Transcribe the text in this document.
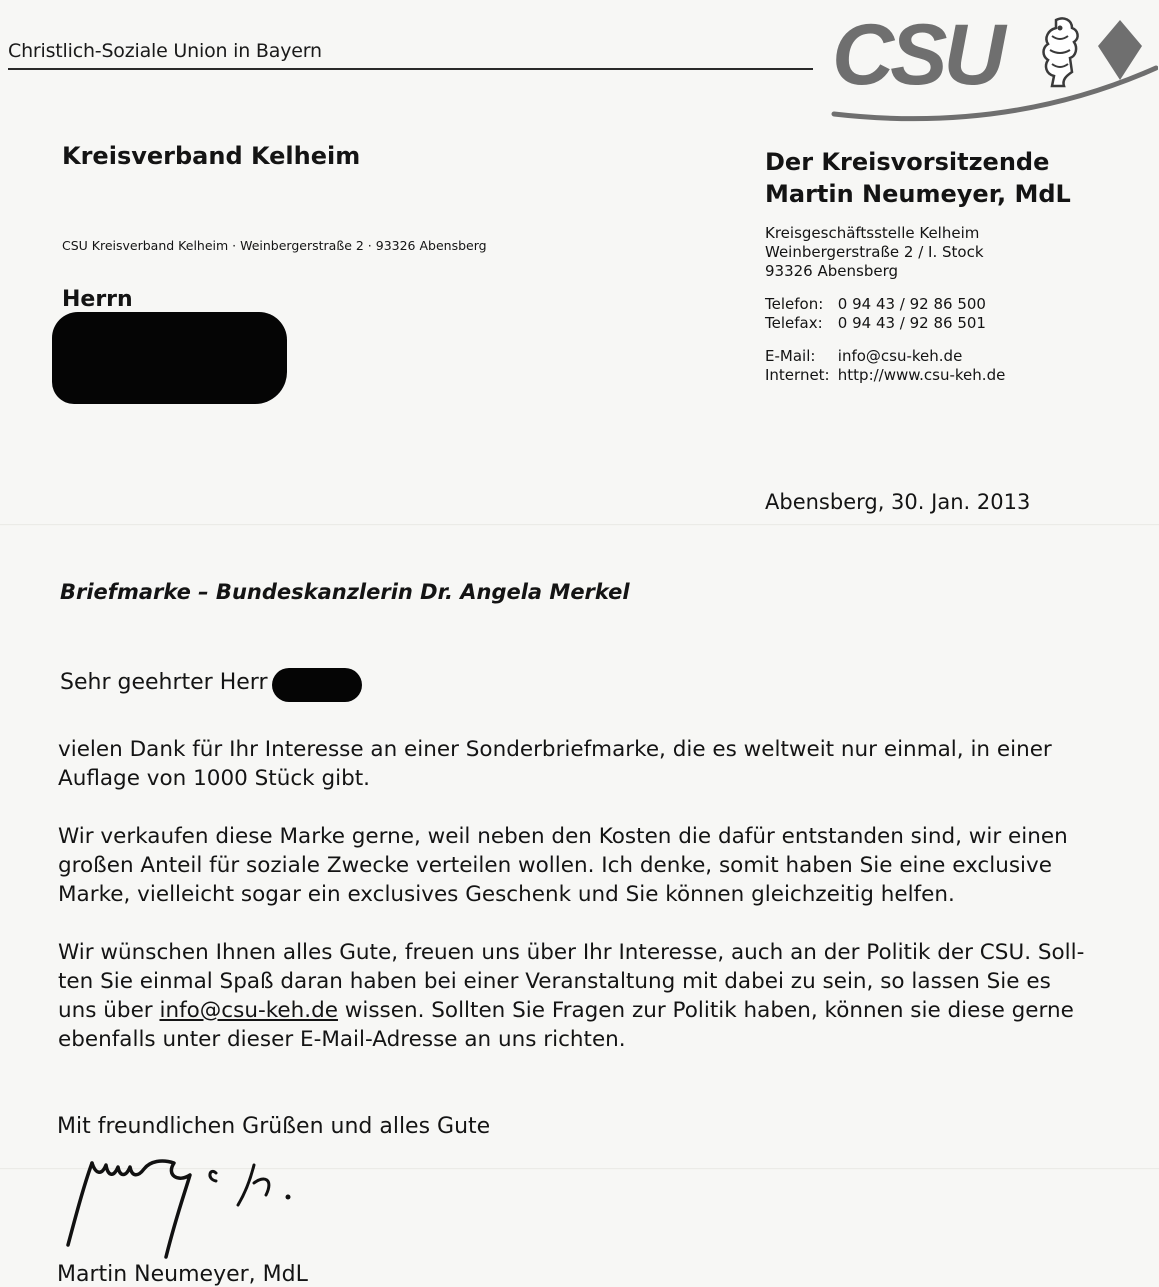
Christlich-Soziale Union in Bayern	CSU
Kreisverband Kelheim	Der Kreisvorsitzende
Martin Neumeyer, MdL
CSU Kreisverband Kelheim · Weinbergerstraße 2 · 93326 Abensberg
Kreisgeschäftsstelle Kelheim
Weinbergerstraße 2 / I. Stock
93326 Abensberg
Telefon: 0 94 43 / 92 86 500
Telefax: 0 94 43 / 92 86 501
E-Mail: info@csu-keh.de
Internet: http://www.csu-keh.de
Herrn
Abensberg, 30. Jan. 2013
Briefmarke – Bundeskanzlerin Dr. Angela Merkel
Sehr geehrter Herr
vielen Dank für Ihr Interesse an einer Sonderbriefmarke, die es weltweit nur einmal, in einer
Auflage von 1000 Stück gibt.
Wir verkaufen diese Marke gerne, weil neben den Kosten die dafür entstanden sind, wir einen
großen Anteil für soziale Zwecke verteilen wollen. Ich denke, somit haben Sie eine exclusive
Marke, vielleicht sogar ein exclusives Geschenk und Sie können gleichzeitig helfen.
Wir wünschen Ihnen alles Gute, freuen uns über Ihr Interesse, auch an der Politik der CSU. Soll-
ten Sie einmal Spaß daran haben bei einer Veranstaltung mit dabei zu sein, so lassen Sie es
uns über info@csu-keh.de wissen. Sollten Sie Fragen zur Politik haben, können sie diese gerne
ebenfalls unter dieser E-Mail-Adresse an uns richten.
Mit freundlichen Grüßen und alles Gute
Martin Neumeyer, MdL
